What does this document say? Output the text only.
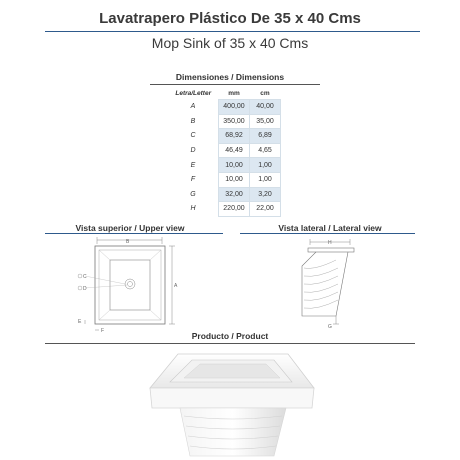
Lavatrapero Plástico De 35 x 40 Cms
Mop Sink of 35 x 40 Cms
Dimensiones / Dimensions
Letra/Letter	mm	cm
A	400,00	40,00
B	350,00	35,00
C	68,92	6,89
D	46,49	4,65
E	10,00	1,00
F	10,00	1,00
G	32,00	3,20
H	220,00	22,00
Vista superior / Upper view
B
A
C
D
F
E
Vista lateral / Lateral view
H
G
Producto / Product
